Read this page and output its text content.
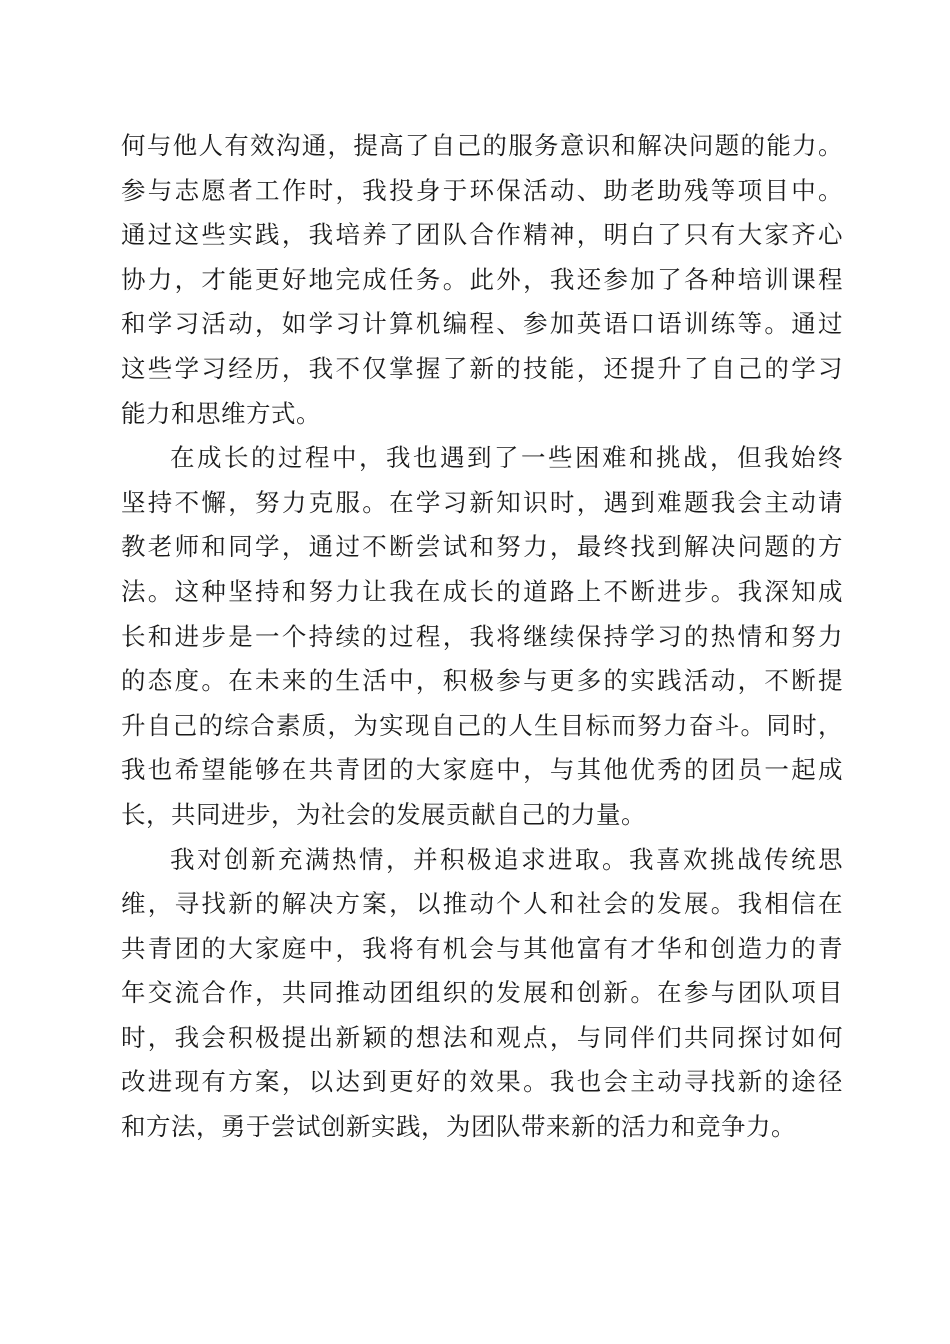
何与他人有效沟通，提高了自己的服务意识和解决问题的能力。
参与志愿者工作时，我投身于环保活动、助老助残等项目中。
通过这些实践，我培养了团队合作精神，明白了只有大家齐心
协力，才能更好地完成任务。此外，我还参加了各种培训课程
和学习活动，如学习计算机编程、参加英语口语训练等。通过
这些学习经历，我不仅掌握了新的技能，还提升了自己的学习
能力和思维方式。
在成长的过程中，我也遇到了一些困难和挑战，但我始终
坚持不懈，努力克服。在学习新知识时，遇到难题我会主动请
教老师和同学，通过不断尝试和努力，最终找到解决问题的方
法。这种坚持和努力让我在成长的道路上不断进步。我深知成
长和进步是一个持续的过程，我将继续保持学习的热情和努力
的态度。在未来的生活中，积极参与更多的实践活动，不断提
升自己的综合素质，为实现自己的人生目标而努力奋斗。同时，
我也希望能够在共青团的大家庭中，与其他优秀的团员一起成
长，共同进步，为社会的发展贡献自己的力量。
我对创新充满热情，并积极追求进取。我喜欢挑战传统思
维，寻找新的解决方案，以推动个人和社会的发展。我相信在
共青团的大家庭中，我将有机会与其他富有才华和创造力的青
年交流合作，共同推动团组织的发展和创新。在参与团队项目
时，我会积极提出新颖的想法和观点，与同伴们共同探讨如何
改进现有方案，以达到更好的效果。我也会主动寻找新的途径
和方法，勇于尝试创新实践，为团队带来新的活力和竞争力。
